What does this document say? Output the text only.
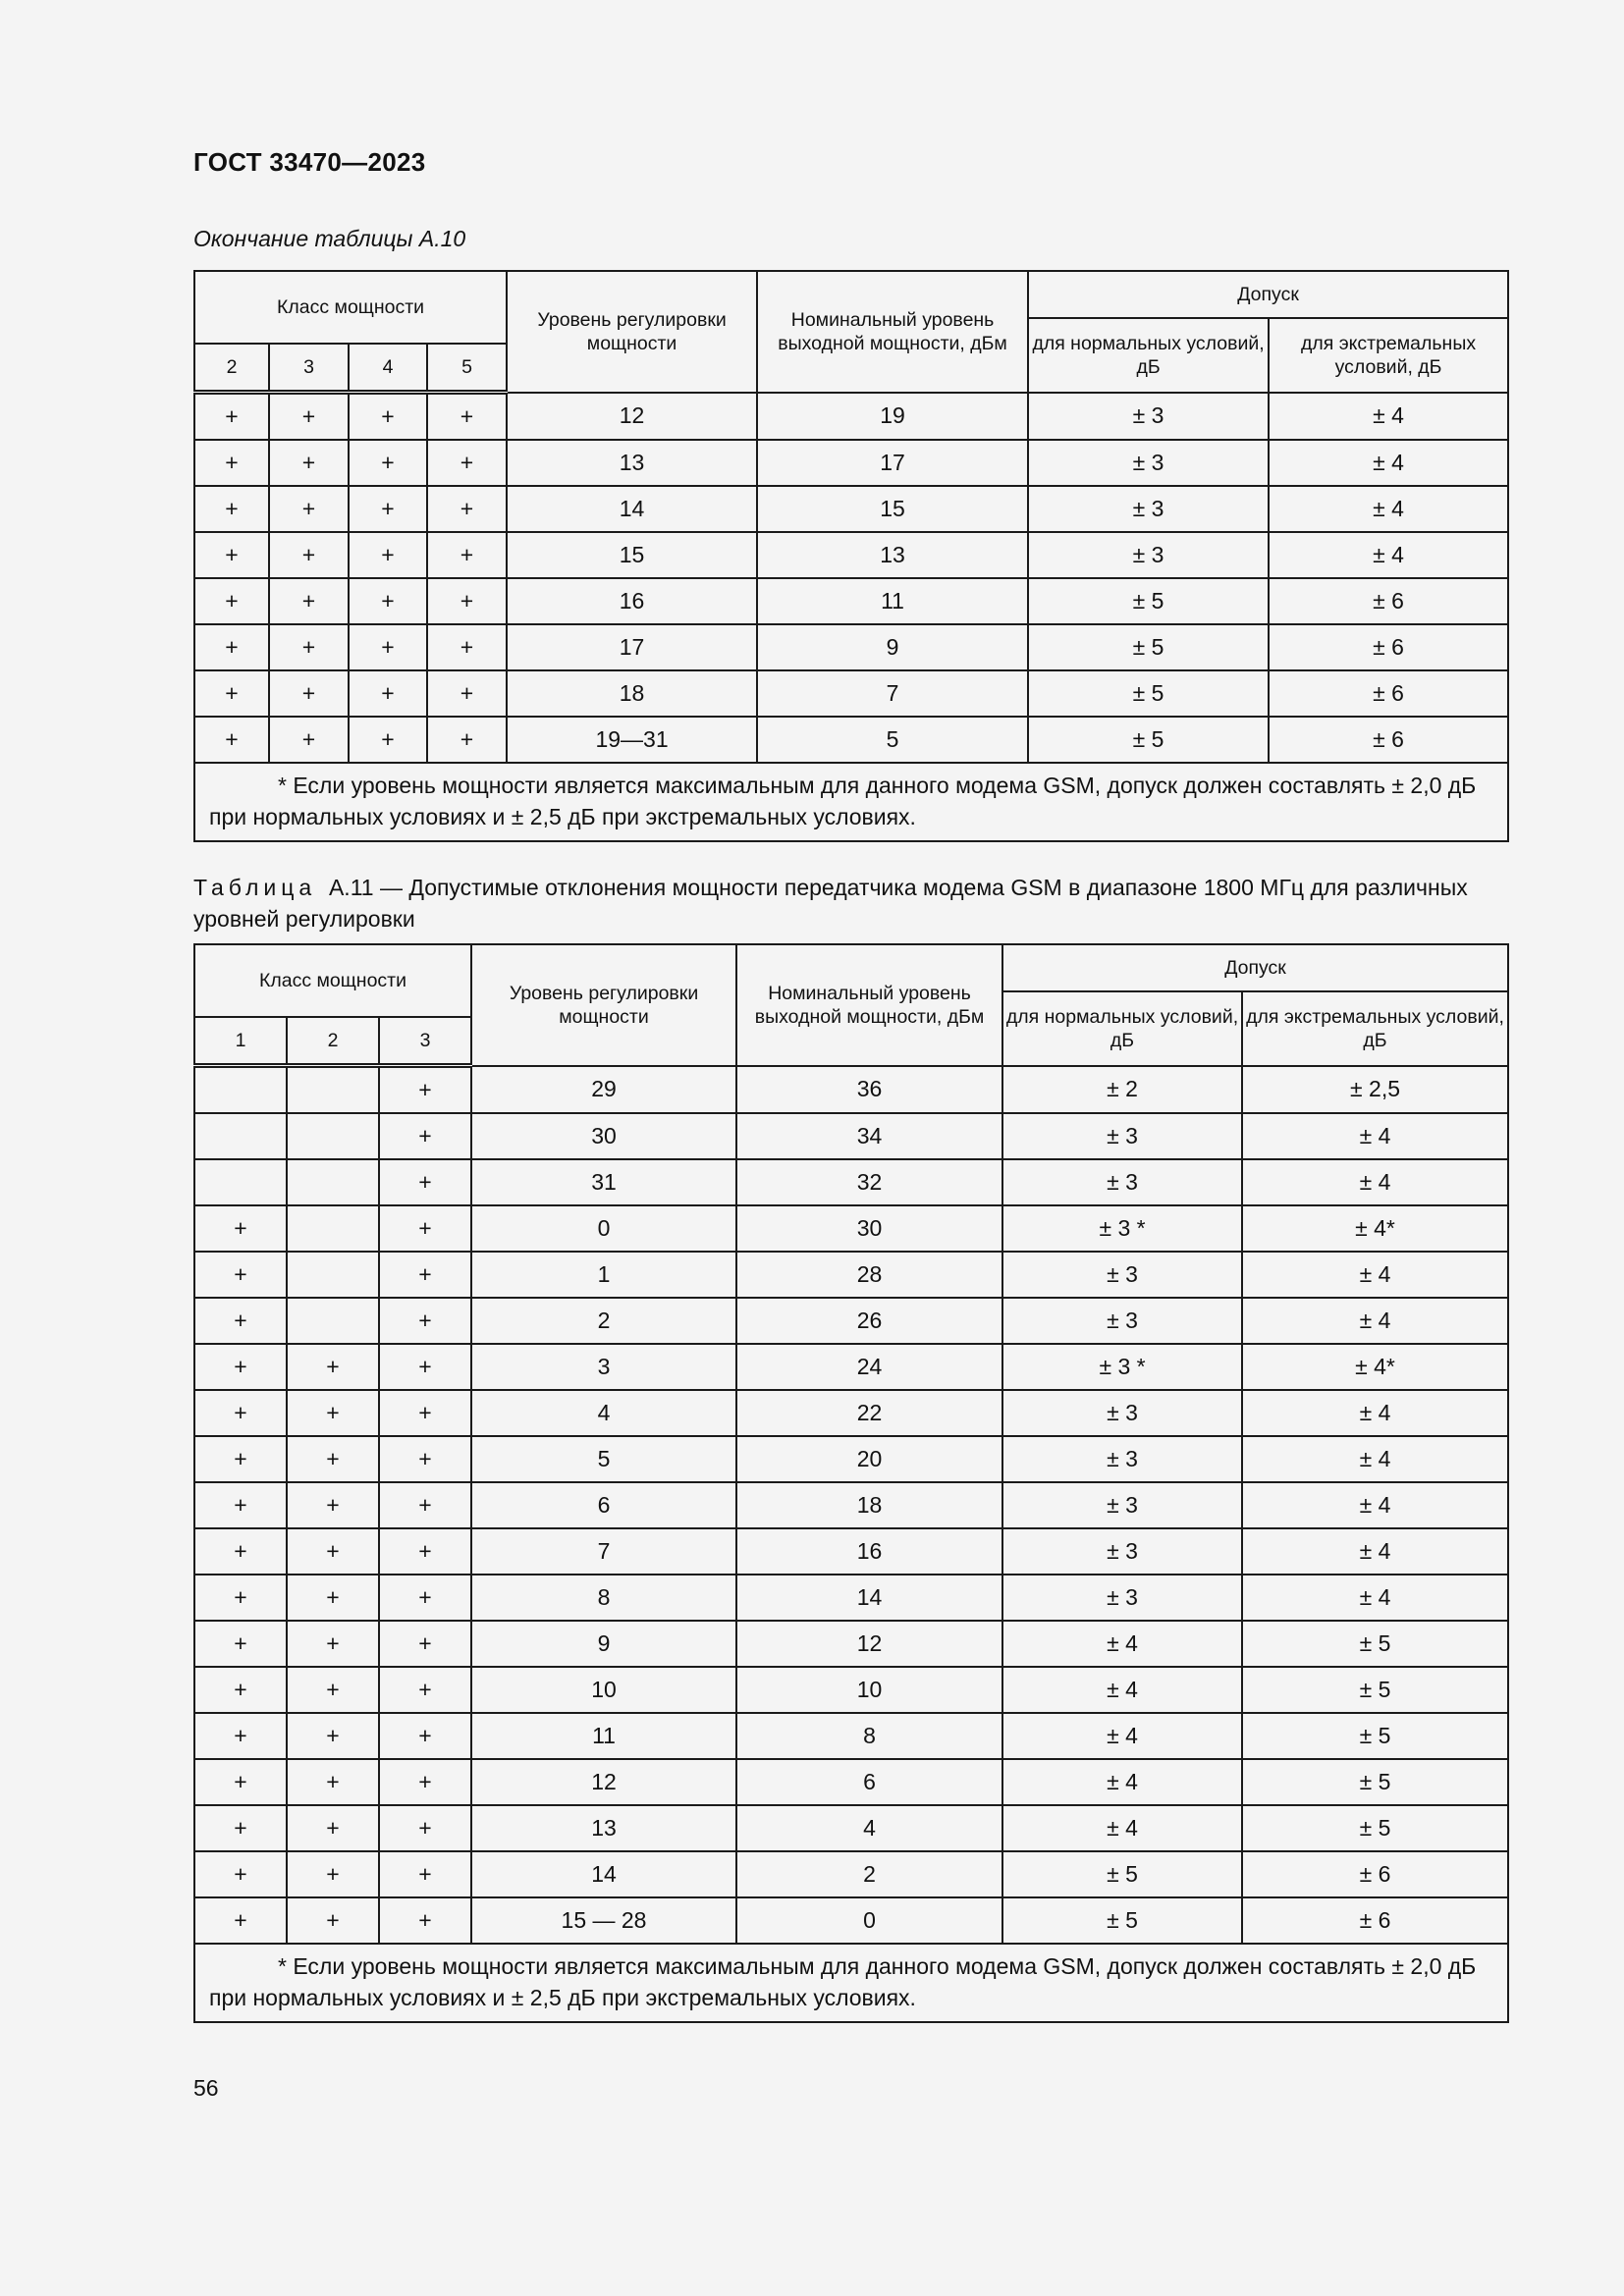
ГОСТ 33470—2023
Окончание таблицы А.10
Класс мощности				Уровень регулировки мощности	Номинальный уровень выходной мощности, дБм	Допуск	
						для нормальных условий, дБ	для экстремальных условий, дБ
2	3	4	5				
+	+	+	+	12	19	± 3	± 4
+	+	+	+	13	17	± 3	± 4
+	+	+	+	14	15	± 3	± 4
+	+	+	+	15	13	± 3	± 4
+	+	+	+	16	11	± 5	± 6
+	+	+	+	17	9	± 5	± 6
+	+	+	+	18	7	± 5	± 6
+	+	+	+	19—31	5	± 5	± 6
* Если уровень мощности является максимальным для данного модема GSM, допуск должен составлять ± 2,0 дБ при нормальных условиях и ± 2,5 дБ при экстремальных условиях.							
Таблица А.11 — Допустимые отклонения мощности передатчика модема GSM в диапазоне 1800 МГц для различных уровней регулировки
Класс мощности			Уровень регулировки мощности	Номинальный уровень выходной мощности, дБм	Допуск	
					для нормальных условий, дБ	для экстремальных условий, дБ
1	2	3				
		+	29	36	± 2	± 2,5
		+	30	34	± 3	± 4
		+	31	32	± 3	± 4
+		+	0	30	± 3 *	± 4*
+		+	1	28	± 3	± 4
+		+	2	26	± 3	± 4
+	+	+	3	24	± 3 *	± 4*
+	+	+	4	22	± 3	± 4
+	+	+	5	20	± 3	± 4
+	+	+	6	18	± 3	± 4
+	+	+	7	16	± 3	± 4
+	+	+	8	14	± 3	± 4
+	+	+	9	12	± 4	± 5
+	+	+	10	10	± 4	± 5
+	+	+	11	8	± 4	± 5
+	+	+	12	6	± 4	± 5
+	+	+	13	4	± 4	± 5
+	+	+	14	2	± 5	± 6
+	+	+	15 — 28	0	± 5	± 6
* Если уровень мощности является максимальным для данного модема GSM, допуск должен составлять ± 2,0 дБ при нормальных условиях и ± 2,5 дБ при экстремальных условиях.						
56
